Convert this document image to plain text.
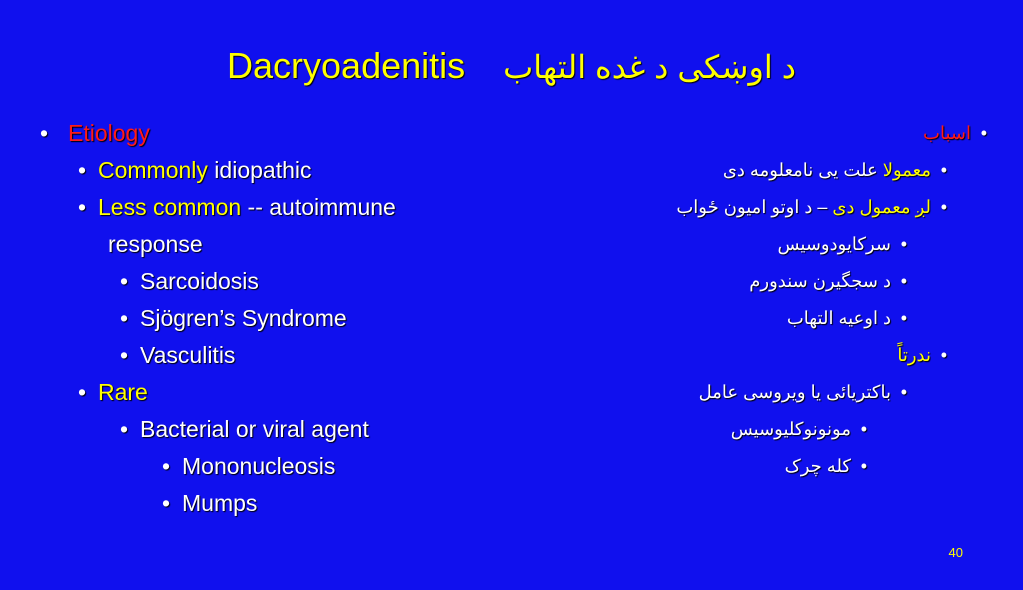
Dacryoadenitis د اوښکی د غده التهاب
• Etiology
• Commonly idiopathic
• Less common -- autoimmune
response
• Sarcoidosis
• Sjögren’s Syndrome
• Vasculitis
• Rare
• Bacterial or viral agent
• Mononucleosis
• Mumps
•اسباب
•معمولا علت یی نامعلومه دی
•لږ معمول دی – د اوتو امیون ځواب
•سرکایودوسیس
•د سجگیرن سندورم
•د اوعیه التهاب
•ندرتاً
•باکتریائی یا ویروسی عامل
•مونونوکلیوسیس
•کله چرک
40
